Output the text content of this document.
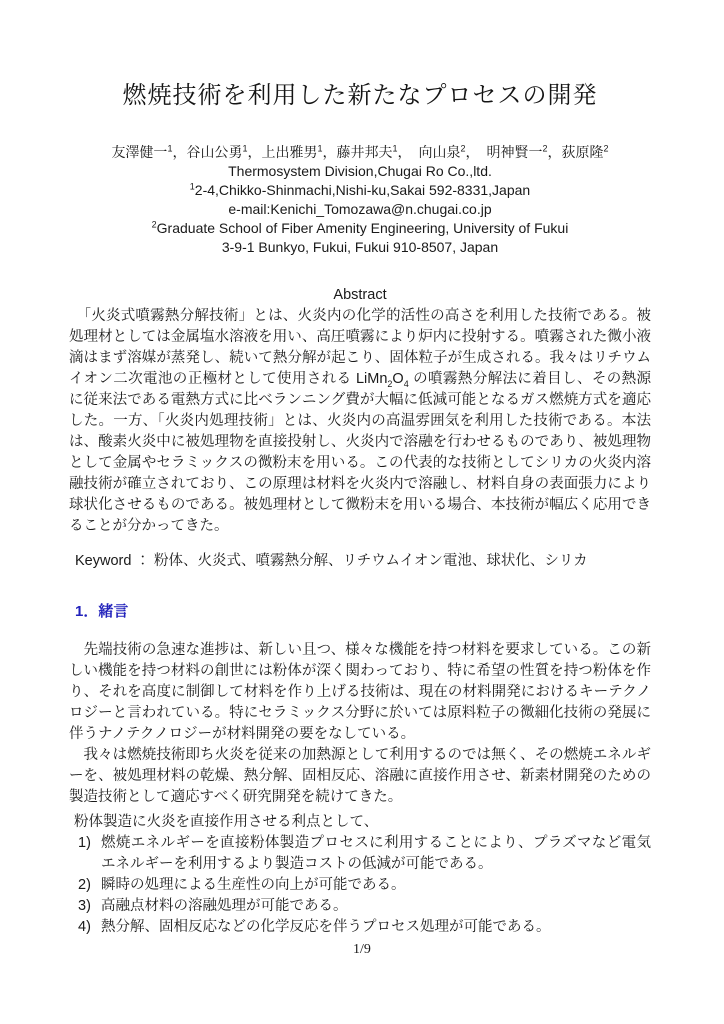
燃焼技術を利用した新たなプロセスの開発
友澤健一$^1$，谷山公勇$^1$，上出雅男$^1$，藤井邦夫$^1$，　向山泉$^2$，　明神賢一$^2$，荻原隆$^2$
Thermosystem Division,Chugai Ro Co.,ltd.
$^1$2-4,Chikko-Shinmachi,Nishi-ku,Sakai 592-8331,Japan
e-mail:Kenichi_Tomozawa@n.chugai.co.jp
$^2$Graduate School of Fiber Amenity Engineering, University of Fukui
3-9-1 Bunkyo, Fukui, Fukui 910-8507, Japan
Abstract

　「火炎式噴霧熱分解技術」とは、火炎内の化学的活性の高さを利用した技術である。被処理材としては金属塩水溶液を用い、高圧噴霧により炉内に投射する。噴霧された微小液滴はまず溶媒が蒸発し、続いて熱分解が起こり、固体粒子が生成される。我々はリチウムイオン二次電池の正極材として使用される $LiMn_2O_4$ の噴霧熱分解法に着目し、その熱源に従来法である電熱方式に比べランニング費が大幅に低減可能となるガス燃焼方式を適応した。一方、「火炎内処理技術」とは、火炎内の高温雰囲気を利用した技術である。本法は、酸素火炎中に被処理物を直接投射し、火炎内で溶融を行わせるものであり、被処理物として金属やセラミックスの微粉末を用いる。この代表的な技術としてシリカの火炎内溶融技術が確立されており、この原理は材料を火炎内で溶融し、材料自身の表面張力により球状化させるものである。被処理材として微粉末を用いる場合、本技術が幅広く応用できることが分かってきた。

Keyword ： 粉体、火炎式、噴霧熱分解、リチウムイオン電池、球状化、シリカ
1．緒言

　先端技術の急速な進捗は、新しい且つ、様々な機能を持つ材料を要求している。この新しい機能を持つ材料の創世には粉体が深く関わっており、特に希望の性質を持つ粉体を作り、それを高度に制御して材料を作り上げる技術は、現在の材料開発におけるキーテクノロジーと言われている。特にセラミックス分野に於いては原料粒子の微細化技術の発展に伴うナノテクノロジーが材料開発の要をなしている。

　我々は燃焼技術即ち火炎を従来の加熱源として利用するのでは無く、その燃焼エネルギーを、被処理材料の乾燥、熱分解、固相反応、溶融に直接作用させ、新素材開発のための製造技術として適応すべく研究開発を続けてきた。

粉体製造に火炎を直接作用させる利点として、

1) 燃焼エネルギーを直接粉体製造プロセスに利用することにより、プラズマなど電気エネルギーを利用するより製造コストの低減が可能である。
2) 瞬時の処理による生産性の向上が可能である。
3) 高融点材料の溶融処理が可能である。
4) 熱分解、固相反応などの化学反応を伴うプロセス処理が可能である。
1/9
